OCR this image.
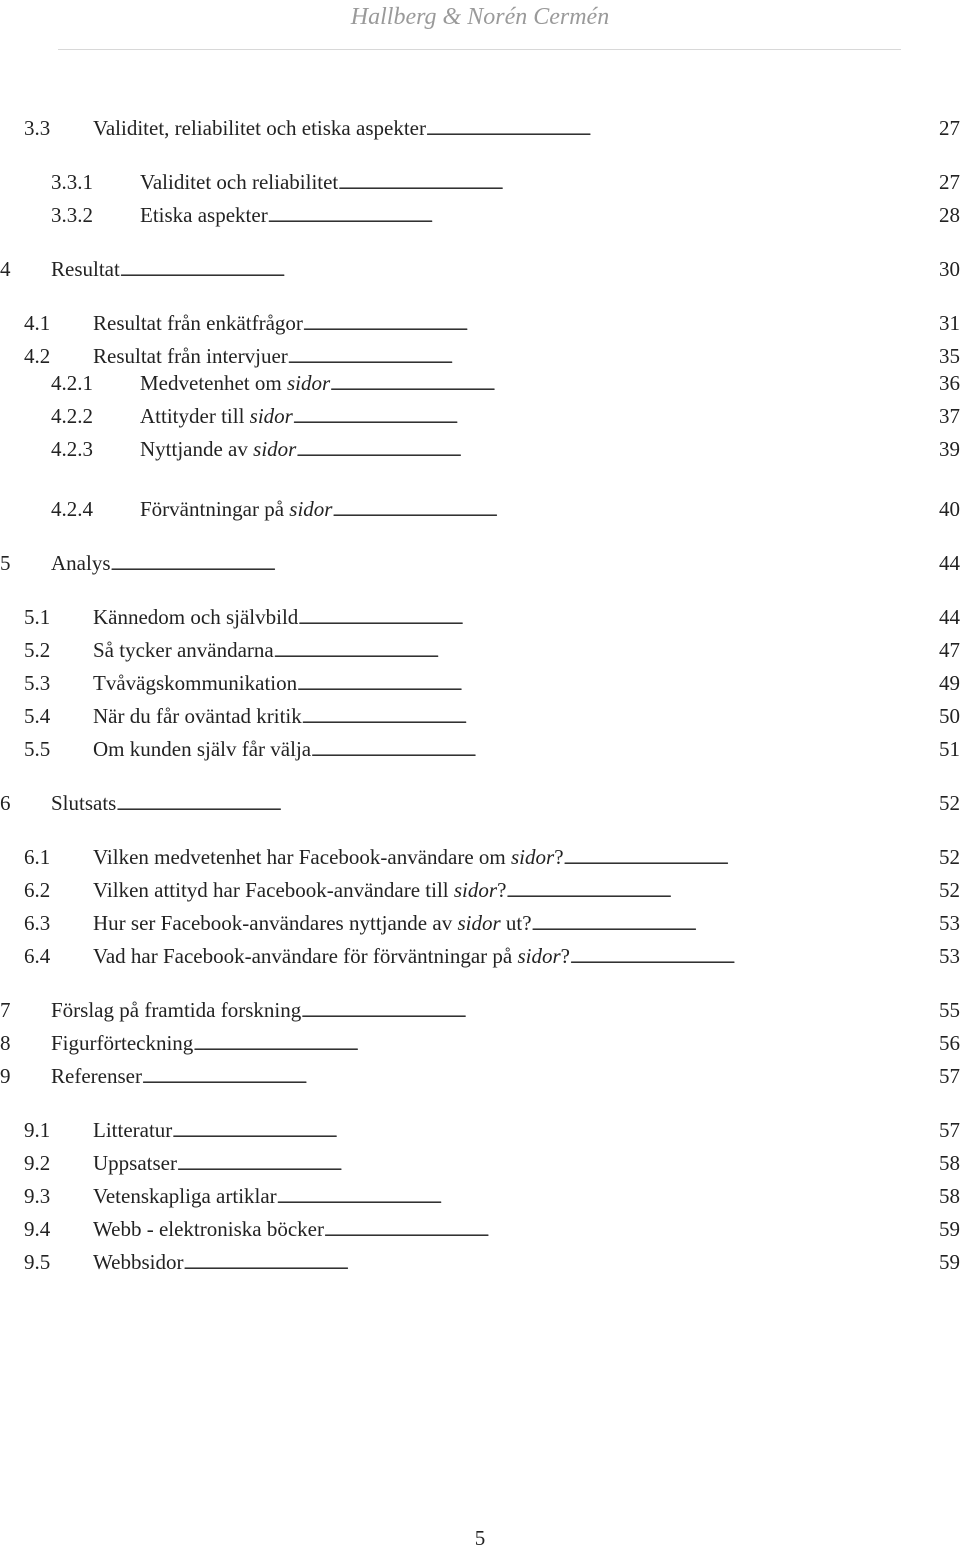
Hallberg & Norén Cermén
3.3	Validitet, reliabilitet och etiska aspekter . . .	27
3.3.1	Validitet och reliabilitet . . .	27
3.3.2	Etiska aspekter . . .	28
4	Resultat . . .	30
4.1	Resultat från enkätfrågor . . .	31
4.2	Resultat från intervjuer . . .	35
4.2.1	Medvetenhet om sidor . . .	36
4.2.2	Attityder till sidor . . .	37
4.2.3	Nyttjande av sidor . . .	39
4.2.4	Förväntningar på sidor . . .	40
5	Analys . . .	44
5.1	Kännedom och självbild . . .	44
5.2	Så tycker användarna . . .	47
5.3	Tvåvägskommunikation . . .	49
5.4	När du får oväntad kritik . . .	50
5.5	Om kunden själv får välja . . .	51
6	Slutsats . . .	52
6.1	Vilken medvetenhet har Facebook-användare om sidor? . . .	52
6.2	Vilken attityd har Facebook-användare till sidor? . . .	52
6.3	Hur ser Facebook-användares nyttjande av sidor ut? . . .	53
6.4	Vad har Facebook-användare för förväntningar på sidor? . . .	53
7	Förslag på framtida forskning . . .	55
8	Figurförteckning . . .	56
9	Referenser . . .	57
9.1	Litteratur . . .	57
9.2	Uppsatser . . .	58
9.3	Vetenskapliga artiklar . . .	58
9.4	Webb - elektroniska böcker . . .	59
9.5	Webbsidor . . .	59
5
